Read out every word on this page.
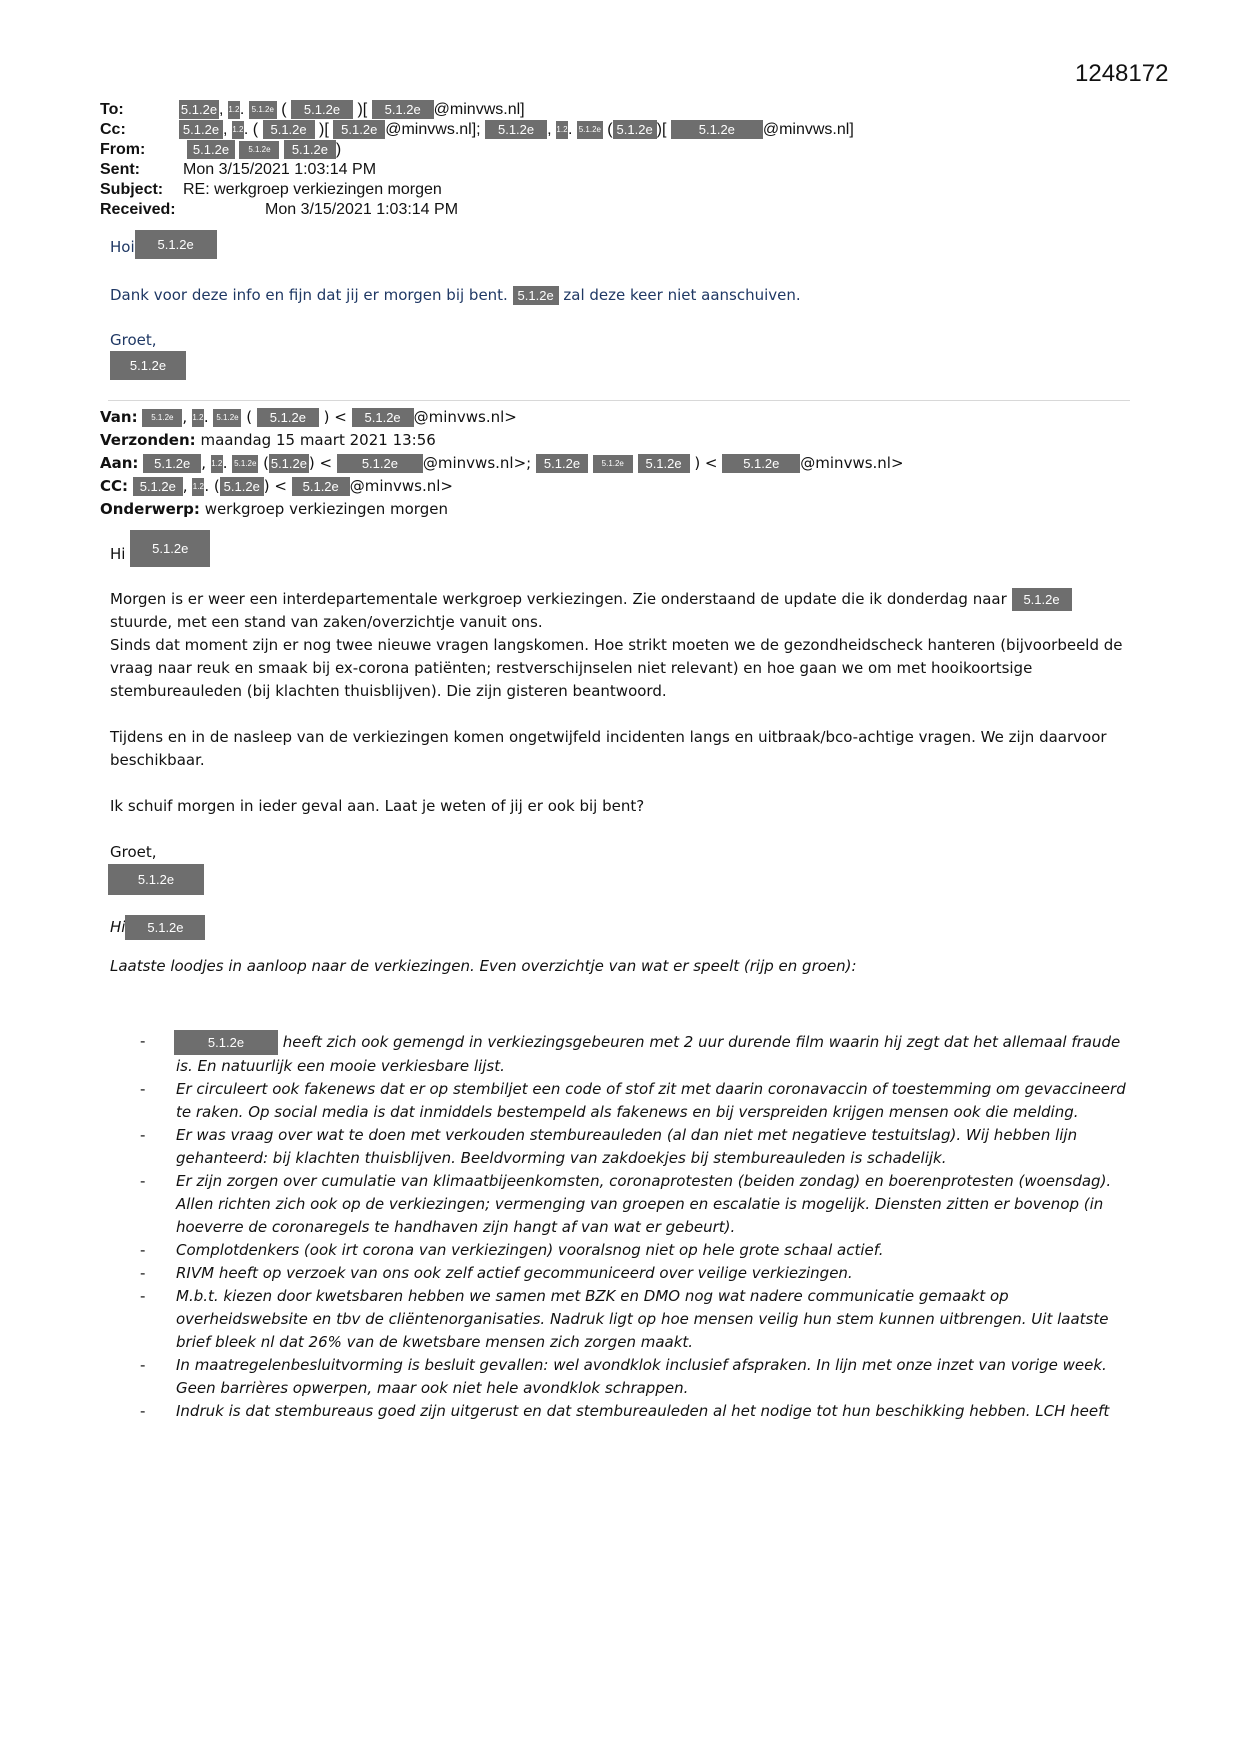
1248172
To:	5.1.2e , 1.2. 5.1.2e ( 5.1.2e )[ 5.1.2e @minvws.nl]
Cc:	5.1.2e , 1.2. ( 5.1.2e )[ 5.1.2e @minvws.nl]; 5.1.2e , 1.2. 5.1.2e ( 5.1.2e )[ 5.1.2e @minvws.nl]
From:	5.1.2e 5.1.2e 5.1.2e )
Sent:	Mon 3/15/2021 1:03:14 PM
Subject: RE: werkgroep verkiezingen morgen
Received:	Mon 3/15/2021 1:03:14 PM

Hoi 5.1.2e

Dank voor deze info en fijn dat jij er morgen bij bent. 5.1.2e zal deze keer niet aanschuiven.

Groet,

5.1.2e

Van: 5.1.2e , 1.2. 5.1.2e ( 5.1.2e ) < 5.1.2e @minvws.nl>
Verzonden: maandag 15 maart 2021 13:56
Aan: 5.1.2e , 1.2. 5.1.2e ( 5.1.2e ) < 5.1.2e @minvws.nl>; 5.1.2e	5.1.2e 5.1.2e ) < 5.1.2e @minvws.nl>
CC: 5.1.2e , 1.2. ( 5.1.2e ) < 5.1.2e @minvws.nl>
Onderwerp: werkgroep verkiezingen morgen

Hi 5.1.2e

Morgen is er weer een interdepartementale werkgroep verkiezingen. Zie onderstaand de update die ik donderdag naar 5.1.2e stuurde, met een stand van zaken/overzichtje vanuit ons.
Sinds dat moment zijn er nog twee nieuwe vragen langskomen. Hoe strikt moeten we de gezondheidscheck hanteren (bijvoorbeeld de vraag naar reuk en smaak bij ex-corona patiënten; restverschijnselen niet relevant) en hoe gaan we om met hooikoortsige stembureauleden (bij klachten thuisblijven). Die zijn gisteren beantwoord.

Tijdens en in de nasleep van de verkiezingen komen ongetwijfeld incidenten langs en uitbraak/bco-achtige vragen. We zijn daarvoor beschikbaar.

Ik schuif morgen in ieder geval aan. Laat je weten of jij er ook bij bent?

Groet,

5.1.2e

Hi 5.1.2e

Laatste loodjes in aanloop naar de verkiezingen. Even overzichtje van wat er speelt (rijp en groen):

- 5.1.2e	heeft zich ook gemengd in verkiezingsgebeuren met 2 uur durende film waarin hij zegt dat het allemaal fraude is. En natuurlijk een mooie verkiesbare lijst.
- Er circuleert ook fakenews dat er op stembiljet een code of stof zit met daarin coronavaccin of toestemming om gevaccineerd te raken. Op social media is dat inmiddels bestempeld als fakenews en bij verspreiden krijgen mensen ook die melding.
- Er was vraag over wat te doen met verkouden stembureauleden (al dan niet met negatieve testuitslag). Wij hebben lijn gehanteerd: bij klachten thuisblijven. Beeldvorming van zakdoekjes bij stembureauleden is schadelijk.
- Er zijn zorgen over cumulatie van klimaatbijeenkomsten, coronaprotesten (beiden zondag) en boerenprotesten (woensdag). Allen richten zich ook op de verkiezingen; vermenging van groepen en escalatie is mogelijk. Diensten zitten er bovenop (in hoeverre de coronaregels te handhaven zijn hangt af van wat er gebeurt).
- Complotdenkers (ook irt corona van verkiezingen) vooralsnog niet op hele grote schaal actief.
- RIVM heeft op verzoek van ons ook zelf actief gecommuniceerd over veilige verkiezingen.
- M.b.t. kiezen door kwetsbaren hebben we samen met BZK en DMO nog wat nadere communicatie gemaakt op overheidswebsite en tbv de cliëntenorganisaties. Nadruk ligt op hoe mensen veilig hun stem kunnen uitbrengen. Uit laatste brief bleek nl dat 26% van de kwetsbare mensen zich zorgen maakt.
- In maatregelenbesluitvorming is besluit gevallen: wel avondklok inclusief afspraken. In lijn met onze inzet van vorige week. Geen barrières opwerpen, maar ook niet hele avondklok schrappen.
- Indruk is dat stembureaus goed zijn uitgerust en dat stembureauleden al het nodige tot hun beschikking hebben. LCH heeft
